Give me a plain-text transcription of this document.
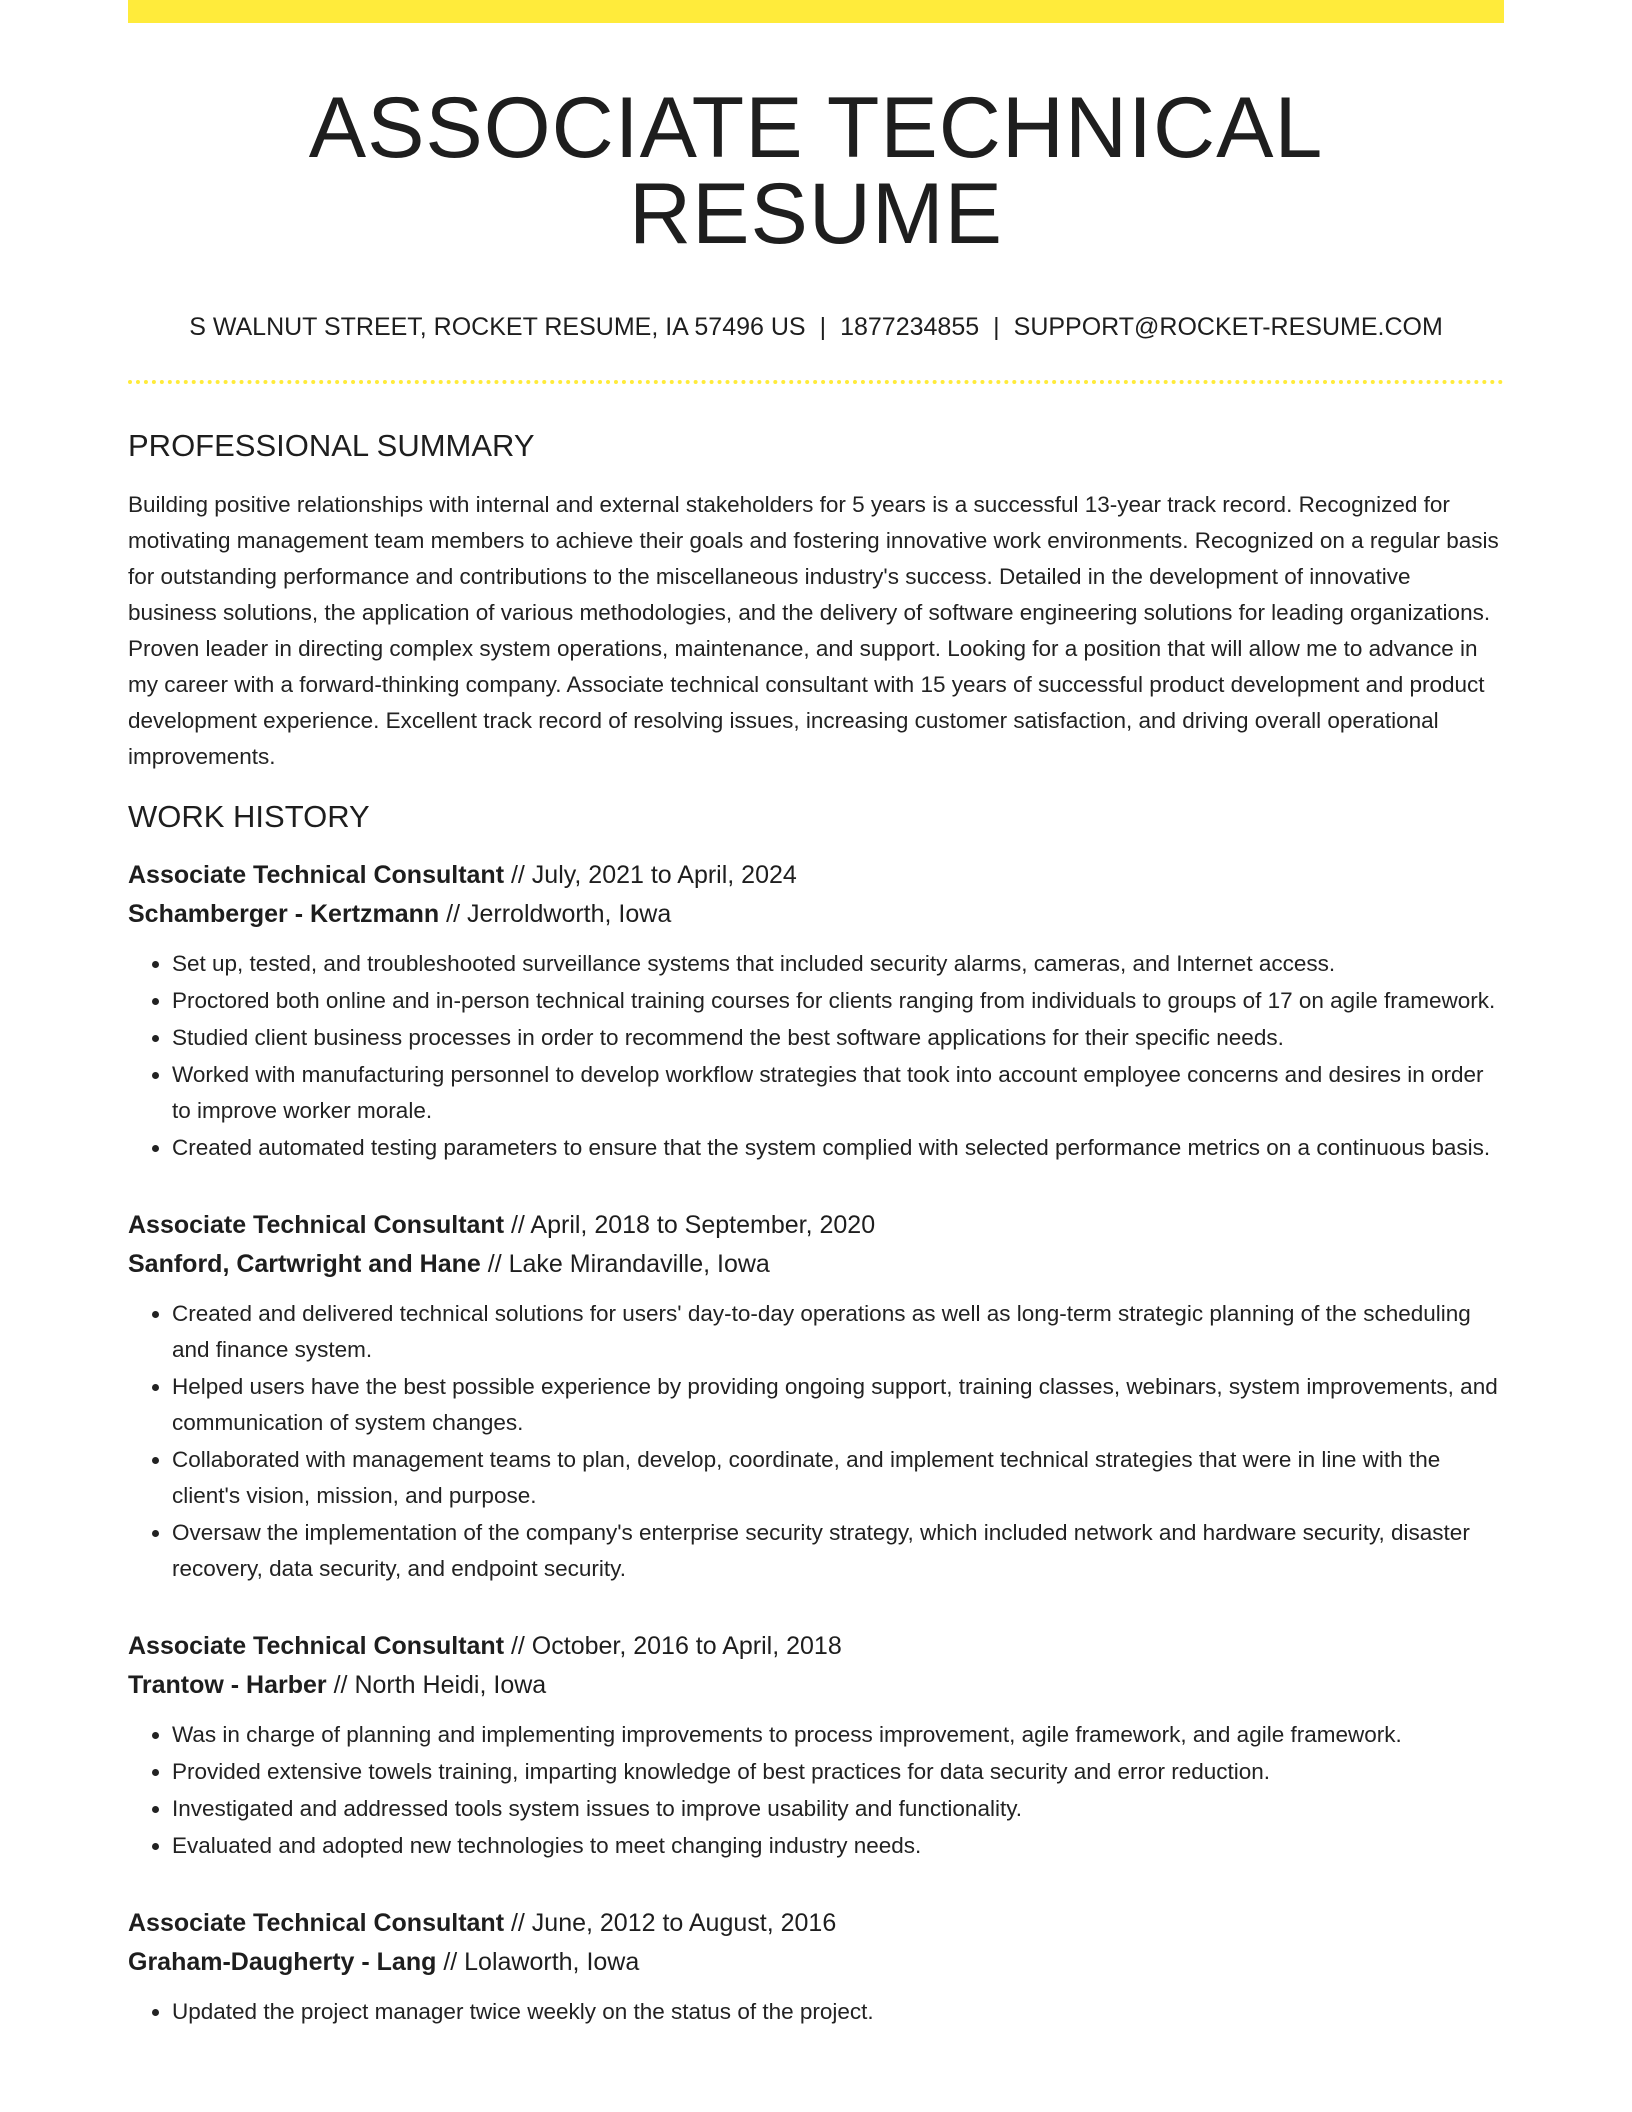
ASSOCIATE TECHNICAL RESUME
S WALNUT STREET, ROCKET RESUME, IA 57496 US | 1877234855 | SUPPORT@ROCKET-RESUME.COM
PROFESSIONAL SUMMARY
Building positive relationships with internal and external stakeholders for 5 years is a successful 13-year track record. Recognized for motivating management team members to achieve their goals and fostering innovative work environments. Recognized on a regular basis for outstanding performance and contributions to the miscellaneous industry's success. Detailed in the development of innovative business solutions, the application of various methodologies, and the delivery of software engineering solutions for leading organizations. Proven leader in directing complex system operations, maintenance, and support. Looking for a position that will allow me to advance in my career with a forward-thinking company. Associate technical consultant with 15 years of successful product development and product development experience. Excellent track record of resolving issues, increasing customer satisfaction, and driving overall operational improvements.
WORK HISTORY
Associate Technical Consultant // July, 2021 to April, 2024
Schamberger - Kertzmann // Jerroldworth, Iowa
• Set up, tested, and troubleshooted surveillance systems that included security alarms, cameras, and Internet access.
• Proctored both online and in-person technical training courses for clients ranging from individuals to groups of 17 on agile framework.
• Studied client business processes in order to recommend the best software applications for their specific needs.
• Worked with manufacturing personnel to develop workflow strategies that took into account employee concerns and desires in order to improve worker morale.
• Created automated testing parameters to ensure that the system complied with selected performance metrics on a continuous basis.
Associate Technical Consultant // April, 2018 to September, 2020
Sanford, Cartwright and Hane // Lake Mirandaville, Iowa
• Created and delivered technical solutions for users' day-to-day operations as well as long-term strategic planning of the scheduling and finance system.
• Helped users have the best possible experience by providing ongoing support, training classes, webinars, system improvements, and communication of system changes.
• Collaborated with management teams to plan, develop, coordinate, and implement technical strategies that were in line with the client's vision, mission, and purpose.
• Oversaw the implementation of the company's enterprise security strategy, which included network and hardware security, disaster recovery, data security, and endpoint security.
Associate Technical Consultant // October, 2016 to April, 2018
Trantow - Harber // North Heidi, Iowa
• Was in charge of planning and implementing improvements to process improvement, agile framework, and agile framework.
• Provided extensive towels training, imparting knowledge of best practices for data security and error reduction.
• Investigated and addressed tools system issues to improve usability and functionality.
• Evaluated and adopted new technologies to meet changing industry needs.
Associate Technical Consultant // June, 2012 to August, 2016
Graham-Daugherty - Lang // Lolaworth, Iowa
• Updated the project manager twice weekly on the status of the project.
